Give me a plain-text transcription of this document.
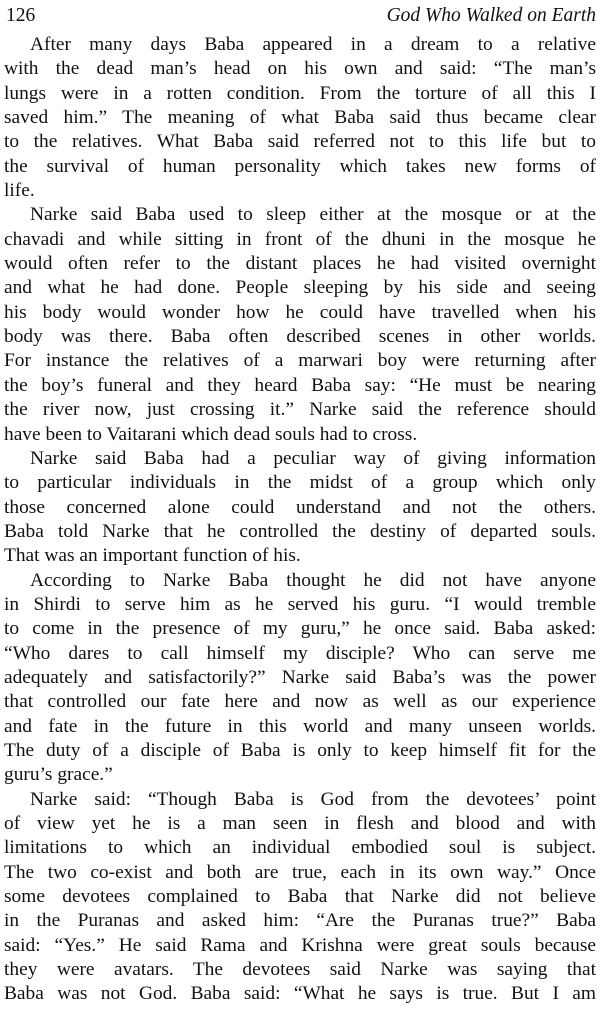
126	God Who Walked on Earth
After many days Baba appeared in a dream to a relative
with the dead man’s head on his own and said: “The man’s
lungs were in a rotten condition. From the torture of all this I
saved him.” The meaning of what Baba said thus became clear
to the relatives. What Baba said referred not to this life but to
the survival of human personality which takes new forms of
life.
Narke said Baba used to sleep either at the mosque or at the
chavadi and while sitting in front of the dhuni in the mosque he
would often refer to the distant places he had visited overnight
and what he had done. People sleeping by his side and seeing
his body would wonder how he could have travelled when his
body was there. Baba often described scenes in other worlds.
For instance the relatives of a marwari boy were returning after
the boy’s funeral and they heard Baba say: “He must be nearing
the river now, just crossing it.” Narke said the reference should
have been to Vaitarani which dead souls had to cross.
Narke said Baba had a peculiar way of giving information
to particular individuals in the midst of a group which only
those concerned alone could understand and not the others.
Baba told Narke that he controlled the destiny of departed souls.
That was an important function of his.
According to Narke Baba thought he did not have anyone
in Shirdi to serve him as he served his guru. “I would tremble
to come in the presence of my guru,” he once said. Baba asked:
“Who dares to call himself my disciple? Who can serve me
adequately and satisfactorily?” Narke said Baba’s was the power
that controlled our fate here and now as well as our experience
and fate in the future in this world and many unseen worlds.
The duty of a disciple of Baba is only to keep himself fit for the
guru’s grace.”
Narke said: “Though Baba is God from the devotees’ point
of view yet he is a man seen in flesh and blood and with
limitations to which an individual embodied soul is subject.
The two co-exist and both are true, each in its own way.” Once
some devotees complained to Baba that Narke did not believe
in the Puranas and asked him: “Are the Puranas true?” Baba
said: “Yes.” He said Rama and Krishna were great souls because
they were avatars. The devotees said Narke was saying that
Baba was not God. Baba said: “What he says is true. But I am
